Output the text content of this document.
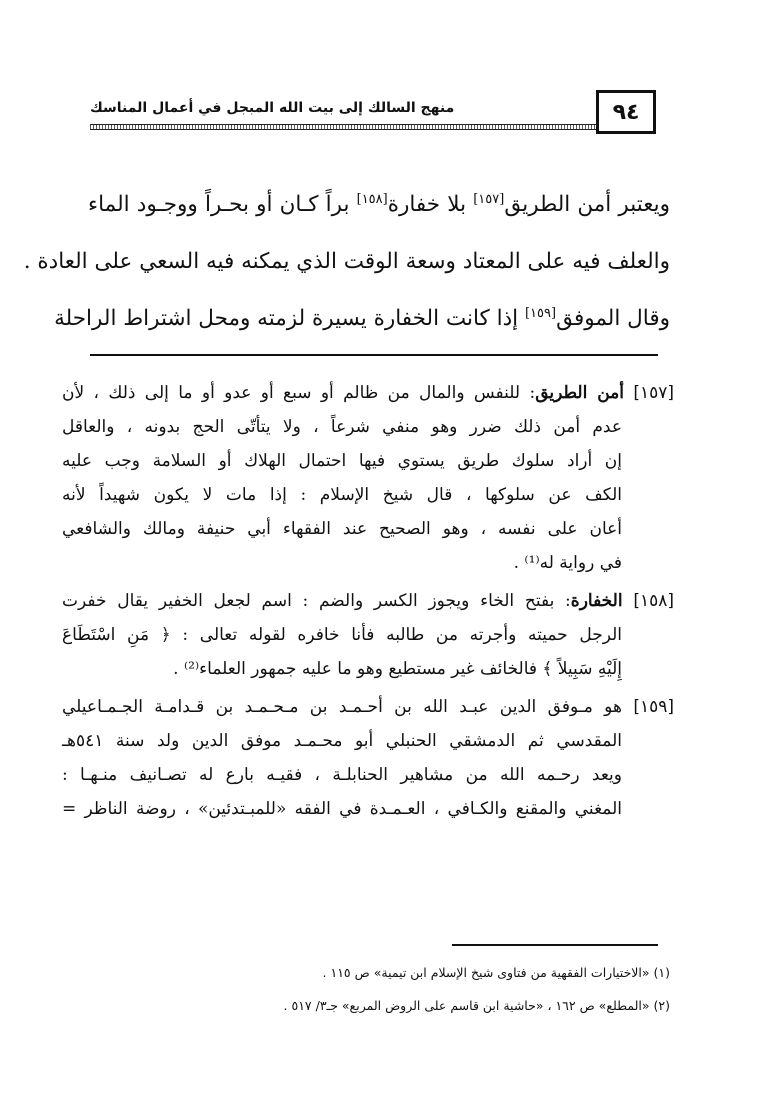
منهج السالك إلى بيت الله المبجل في أعمال المناسك	٩٤
ويعتبر أمن الطريق[١٥٧] بلا خفارة[١٥٨] براً كـان أو بحـراً ووجـود الماء
والعلف فيه على المعتاد وسعة الوقت الذي يمكنه فيه السعي على العادة .
وقال الموفق[١٥٩] إذا كانت الخفارة يسيرة لزمته ومحل اشتراط الراحلة
[١٥٧] أمن الطريق: للنفس والمال من ظالم أو سبع أو عدو أو ما إلى ذلك ، لأن
عدم أمن ذلك ضرر وهو منفي شرعاً ، ولا يتأتّى الحج بدونه ، والعاقل
إن أراد سلوك طريق يستوي فيها احتمال الهلاك أو السلامة وجب عليه
الكف عن سلوكها ، قال شيخ الإسلام : إذا مات لا يكون شهيداً لأنه
أعان على نفسه ، وهو الصحيح عند الفقهاء أبي حنيفة ومالك والشافعي
في رواية له⁽¹⁾ .
[١٥٨] الخفارة: بفتح الخاء ويجوز الكسر والضم : اسم لجعل الخفير يقال خفرت
الرجل حميته وأجرته من طالبه فأنا خافره لقوله تعالى : ﴿ مَنِ اسْتَطَاعَ
إِلَيْهِ سَبِيلاً ﴾ فالخائف غير مستطيع وهو ما عليه جمهور العلماء⁽²⁾ .
[١٥٩] هو مـوفق الدين عبـد الله بن أحـمـد بن مـحـمـد بن قـدامـة الجـمـاعيلي
المقدسي ثم الدمشقي الحنبلي أبو محـمـد موفق الدين ولد سنة ٥٤١هـ
ويعد رحـمه الله من مشاهير الحنابلـة ، فقيـه بارع له تصـانيف منـهـا :
المغني والمقنع والكـافي ، العـمـدة في الفقه «للمبـتدئين» ، روضة الناظر =
(١) «الاختيارات الفقهية من فتاوى شيخ الإسلام ابن تيمية» ص ١١٥ .
(٢) «المطلع» ص ١٦٢ ، «حاشية ابن قاسم على الروض المربع» جـ٣/ ٥١٧ .
